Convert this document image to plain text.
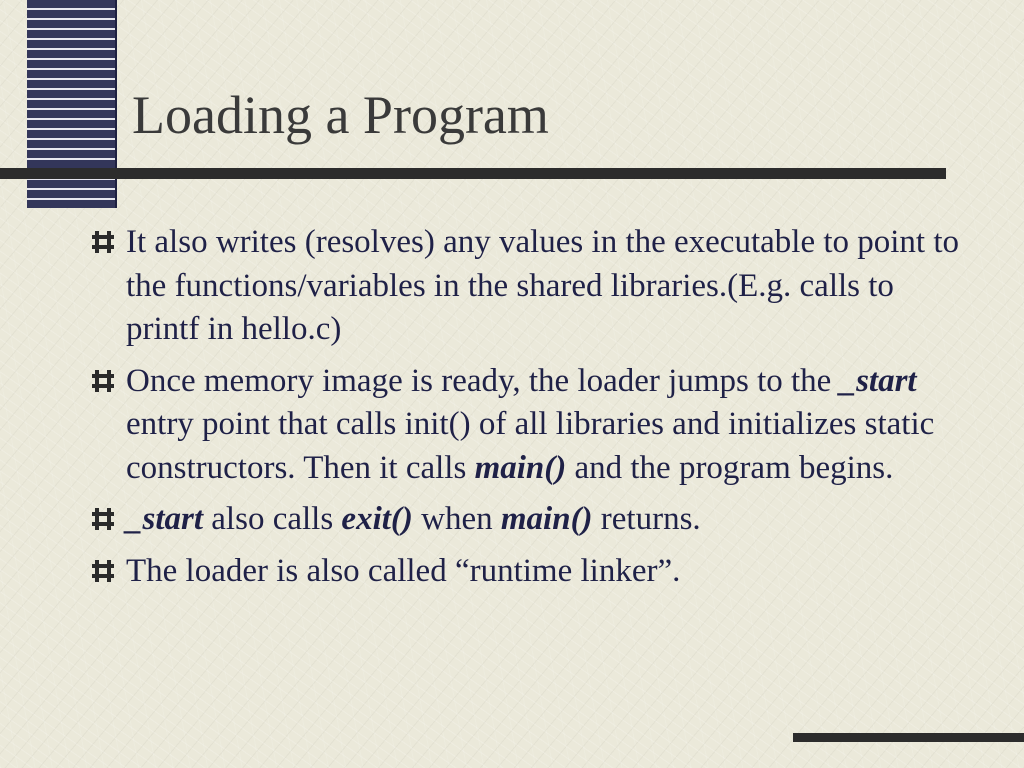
Loading a Program
It also writes (resolves) any values in the executable to point to the functions/variables in the shared libraries.(E.g. calls to printf in hello.c)
Once memory image is ready, the loader jumps to the _start entry point that calls init() of all libraries and initializes static constructors. Then it calls main() and the program begins.
_start also calls exit() when main() returns.
The loader is also called “runtime linker”.
